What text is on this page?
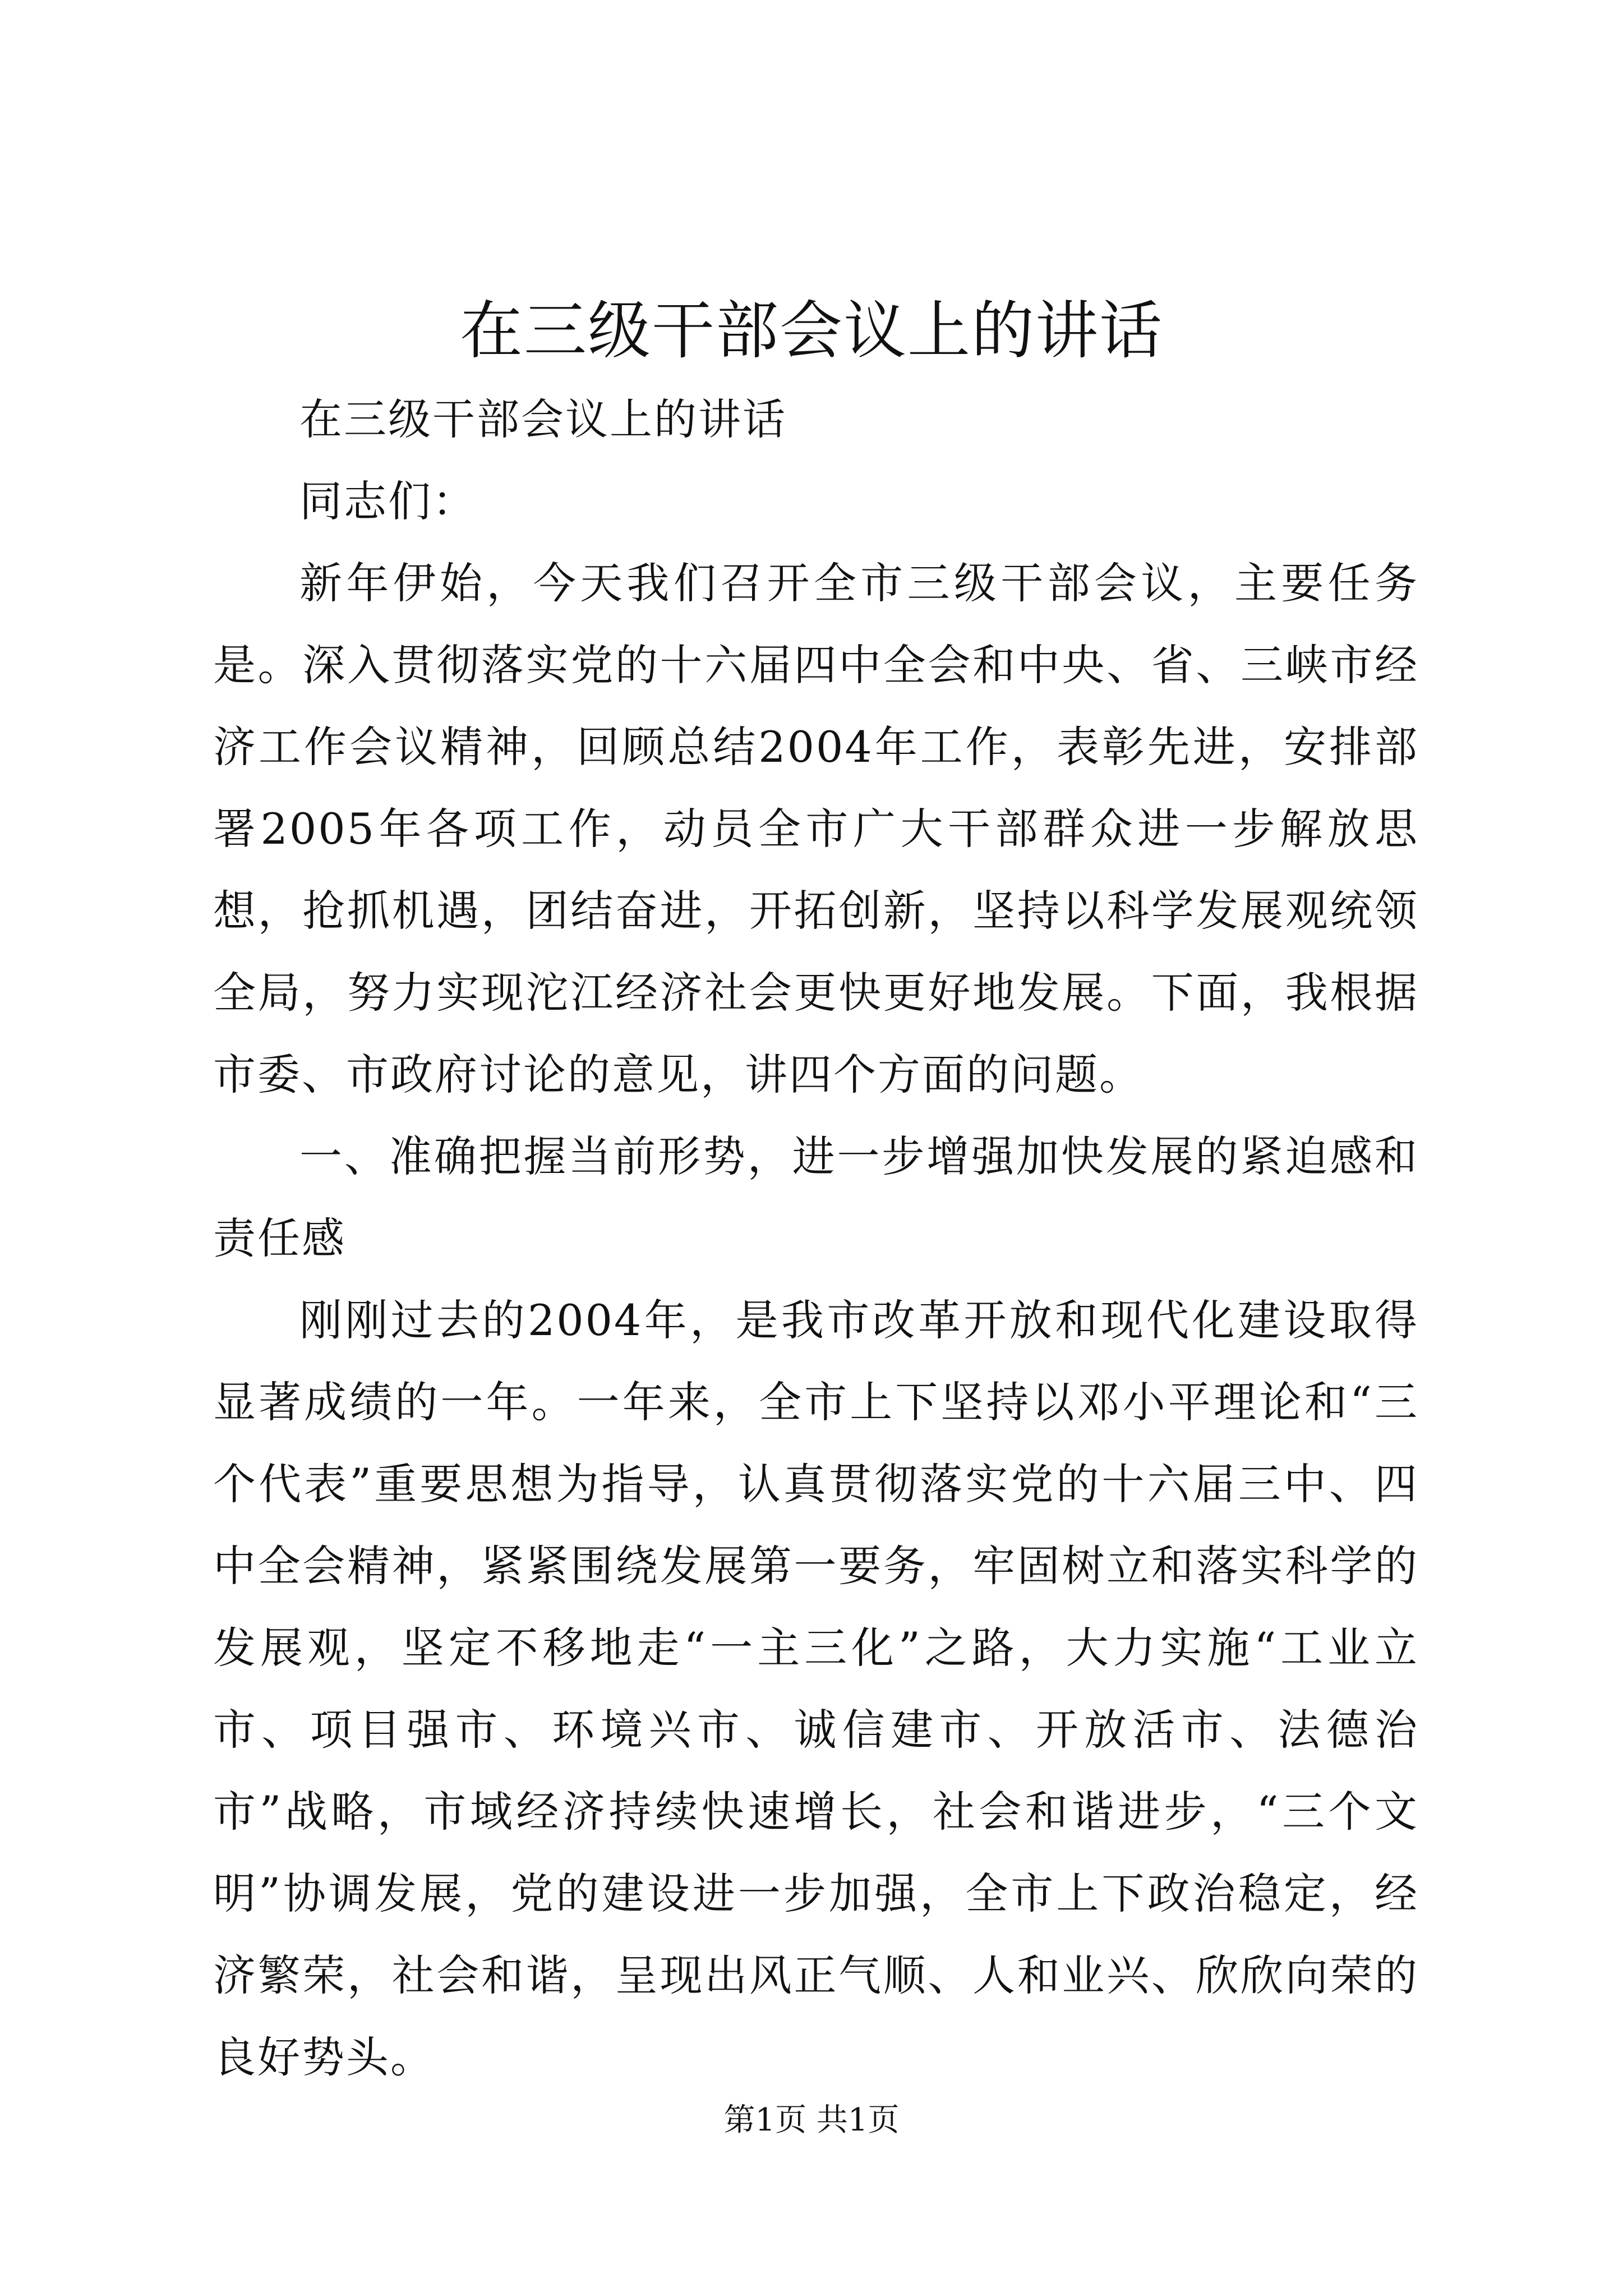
在三级干部会议上的讲话

在三级干部会议上的讲话

同志们：

新年伊始，今天我们召开全市三级干部会议，主要任务是。深入贯彻落实党的十六届四中全会和中央、省、三峡市经济工作会议精神，回顾总结2004年工作，表彰先进，安排部署2005年各项工作，动员全市广大干部群众进一步解放思想，抢抓机遇，团结奋进，开拓创新，坚持以科学发展观统领全局，努力实现沱江经济社会更快更好地发展。下面，我根据市委、市政府讨论的意见，讲四个方面的问题。

一、准确把握当前形势，进一步增强加快发展的紧迫感和责任感

刚刚过去的2004年，是我市改革开放和现代化建设取得显著成绩的一年。一年来，全市上下坚持以邓小平理论和“三个代表”重要思想为指导，认真贯彻落实党的十六届三中、四中全会精神，紧紧围绕发展第一要务，牢固树立和落实科学的发展观，坚定不移地走“一主三化”之路，大力实施“工业立市、项目强市、环境兴市、诚信建市、开放活市、法德治市”战略，市域经济持续快速增长，社会和谐进步，“三个文明”协调发展，党的建设进一步加强，全市上下政治稳定，经济繁荣，社会和谐，呈现出风正气顺、人和业兴、欣欣向荣的良好势头。

第1页 共1页
